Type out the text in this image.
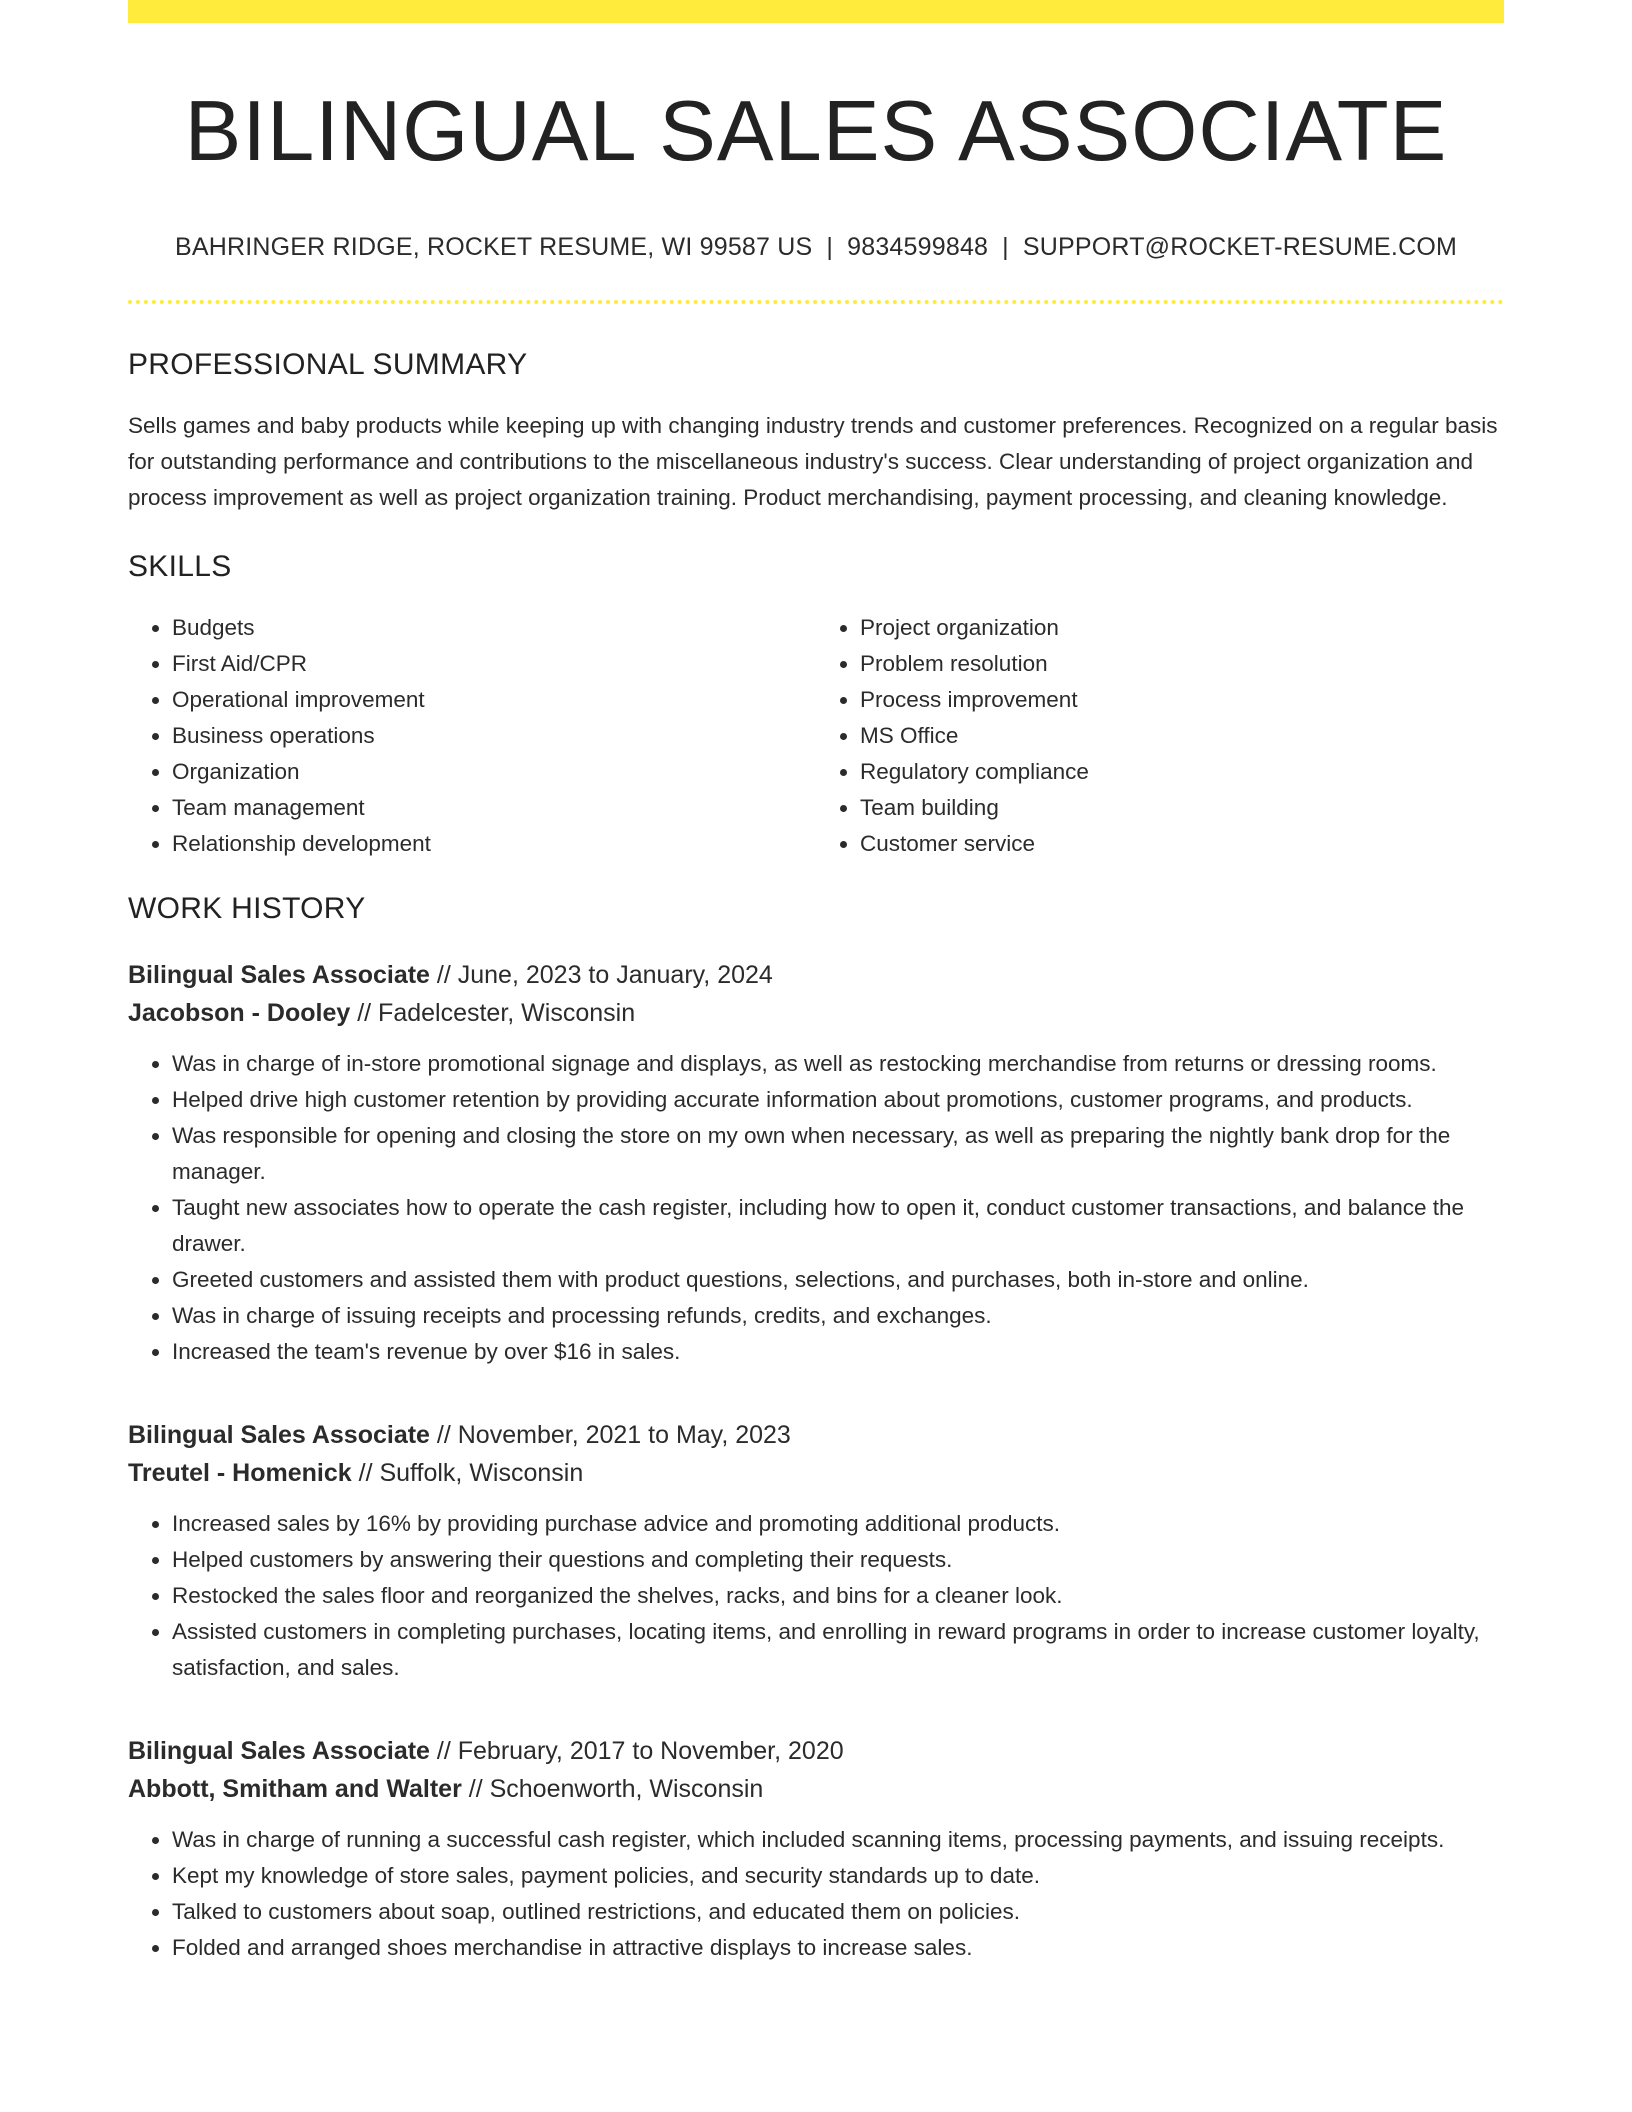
BILINGUAL SALES ASSOCIATE
BAHRINGER RIDGE, ROCKET RESUME, WI 99587 US | 9834599848 | SUPPORT@ROCKET-RESUME.COM
PROFESSIONAL SUMMARY
Sells games and baby products while keeping up with changing industry trends and customer preferences. Recognized on a regular basis for outstanding performance and contributions to the miscellaneous industry's success. Clear understanding of project organization and process improvement as well as project organization training. Product merchandising, payment processing, and cleaning knowledge.
SKILLS
• Budgets
• First Aid/CPR
• Operational improvement
• Business operations
• Organization
• Team management
• Relationship development
• Project organization
• Problem resolution
• Process improvement
• MS Office
• Regulatory compliance
• Team building
• Customer service
WORK HISTORY
Bilingual Sales Associate // June, 2023 to January, 2024
Jacobson - Dooley // Fadelcester, Wisconsin
• Was in charge of in-store promotional signage and displays, as well as restocking merchandise from returns or dressing rooms.
• Helped drive high customer retention by providing accurate information about promotions, customer programs, and products.
• Was responsible for opening and closing the store on my own when necessary, as well as preparing the nightly bank drop for the manager.
• Taught new associates how to operate the cash register, including how to open it, conduct customer transactions, and balance the drawer.
• Greeted customers and assisted them with product questions, selections, and purchases, both in-store and online.
• Was in charge of issuing receipts and processing refunds, credits, and exchanges.
• Increased the team's revenue by over $16 in sales.
Bilingual Sales Associate // November, 2021 to May, 2023
Treutel - Homenick // Suffolk, Wisconsin
• Increased sales by 16% by providing purchase advice and promoting additional products.
• Helped customers by answering their questions and completing their requests.
• Restocked the sales floor and reorganized the shelves, racks, and bins for a cleaner look.
• Assisted customers in completing purchases, locating items, and enrolling in reward programs in order to increase customer loyalty, satisfaction, and sales.
Bilingual Sales Associate // February, 2017 to November, 2020
Abbott, Smitham and Walter // Schoenworth, Wisconsin
• Was in charge of running a successful cash register, which included scanning items, processing payments, and issuing receipts.
• Kept my knowledge of store sales, payment policies, and security standards up to date.
• Talked to customers about soap, outlined restrictions, and educated them on policies.
• Folded and arranged shoes merchandise in attractive displays to increase sales.
